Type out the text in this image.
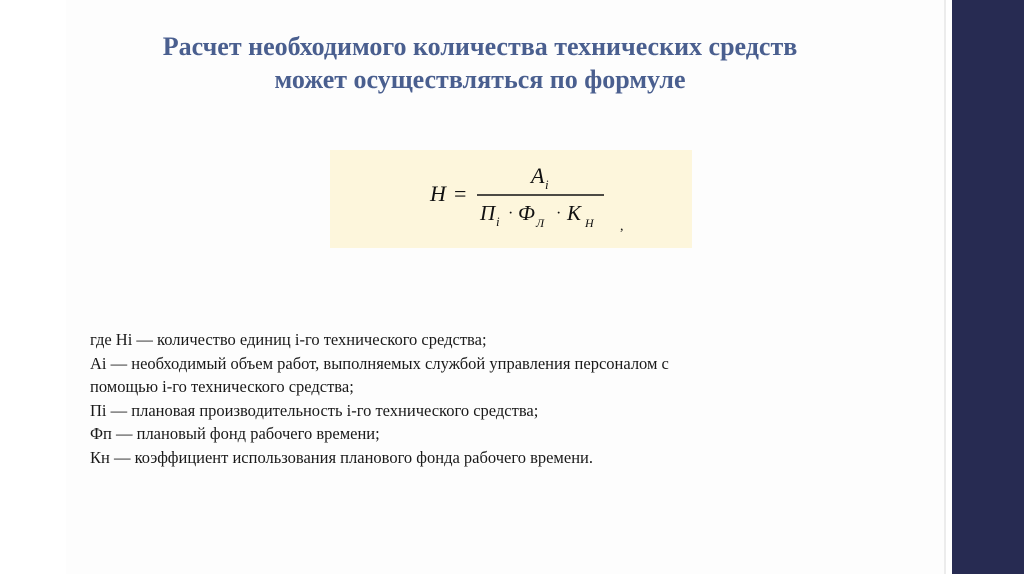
Расчет необходимого количества технических средств
может осуществляться по формуле
H =
A i
П i · Ф Л
· К Н ,
где Hi — количество единиц i-го технического средства;
Ai — необходимый объем работ, выполняемых службой управления персоналом с
помощью i-го технического средства;
Пi — плановая производительность i-го технического средства;
Фп — плановый фонд рабочего времени;
Кн — коэффициент использования планового фонда рабочего времени.
